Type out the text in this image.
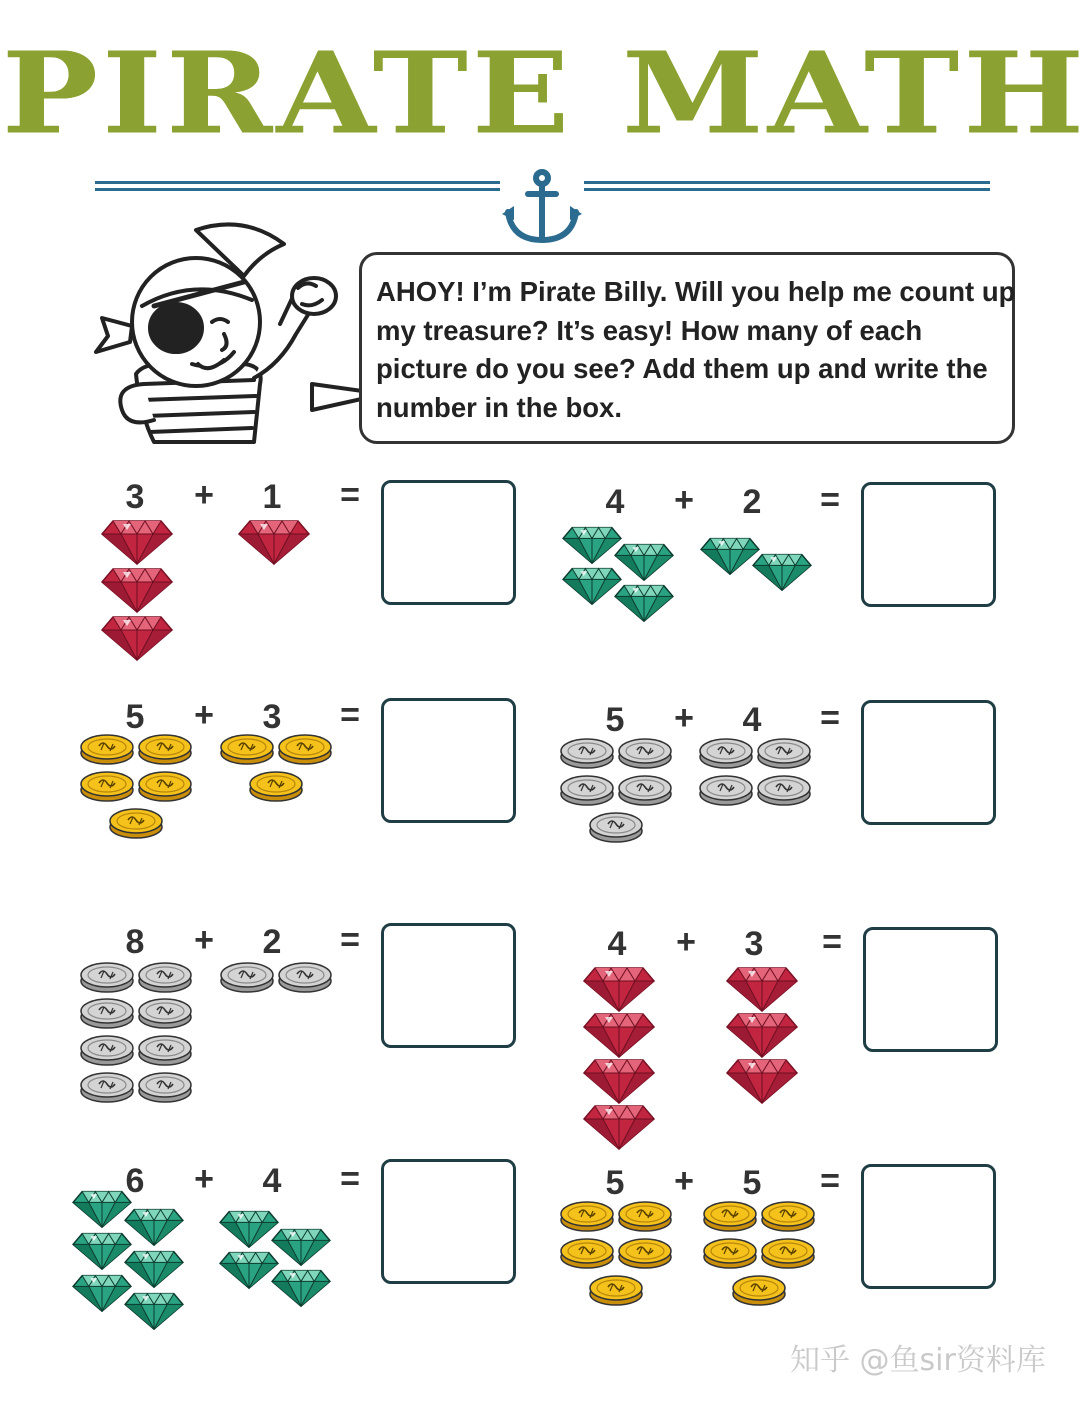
PIRATE MATH
AHOY! I’m Pirate Billy. Will you help me count up my treasure? It’s easy! How many of each picture do you see? Add them up and write the number in the box.
3	+	1	=	4	+	2	=
5	+	3	=	5	+	4	=
8	+	2	=	4	+	3	=
6	+	4	=	5	+	5	=
知乎 @鱼sir资料库
